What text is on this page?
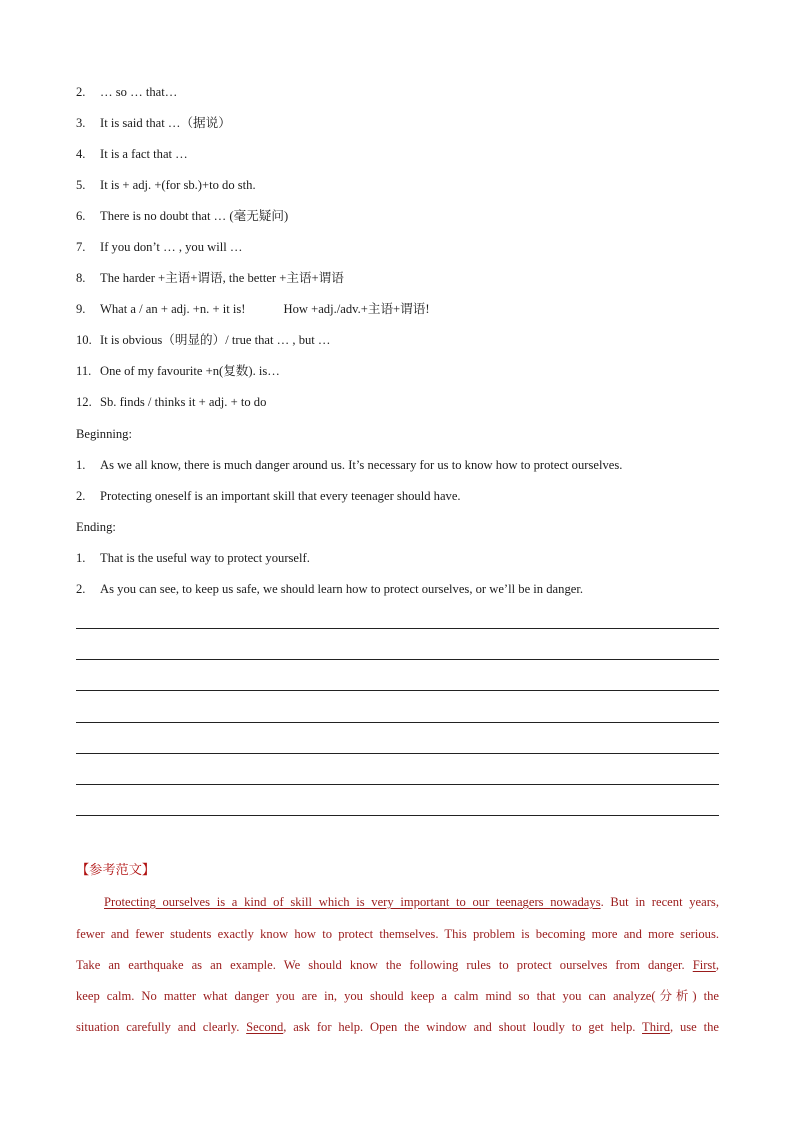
2. … so … that…
3. It is said that …（据说）
4. It is a fact that …
5. It is + adj. +(for sb.)+to do sth.
6. There is no doubt that … (毫无疑问)
7. If you don’t … , you will …
8. The harder +主语+谓语, the better +主语+谓语
9. What a / an + adj. +n. + it is!	How +adj./adv.+主语+谓语!
10. It is obvious（明显的）/ true that … , but …
11. One of my favourite +n(复数). is…
12. Sb. finds / thinks it + adj. + to do
Beginning:
1. As we all know, there is much danger around us. It’s necessary for us to know how to protect ourselves.
2. Protecting oneself is an important skill that every teenager should have.
Ending:
1. That is the useful way to protect yourself.
2. As you can see, to keep us safe, we should learn how to protect ourselves, or we’ll be in danger.
【参考范文】
Protecting ourselves is a kind of skill which is very important to our teenagers nowadays. But in recent years,
fewer and fewer students exactly know how to protect themselves. This problem is becoming more and more serious.
Take an earthquake as an example. We should know the following rules to protect ourselves from danger. First,
keep calm. No matter what danger you are in, you should keep a calm mind so that you can analyze(分析) the
situation carefully and clearly. Second, ask for help. Open the window and shout loudly to get help. Third, use the
